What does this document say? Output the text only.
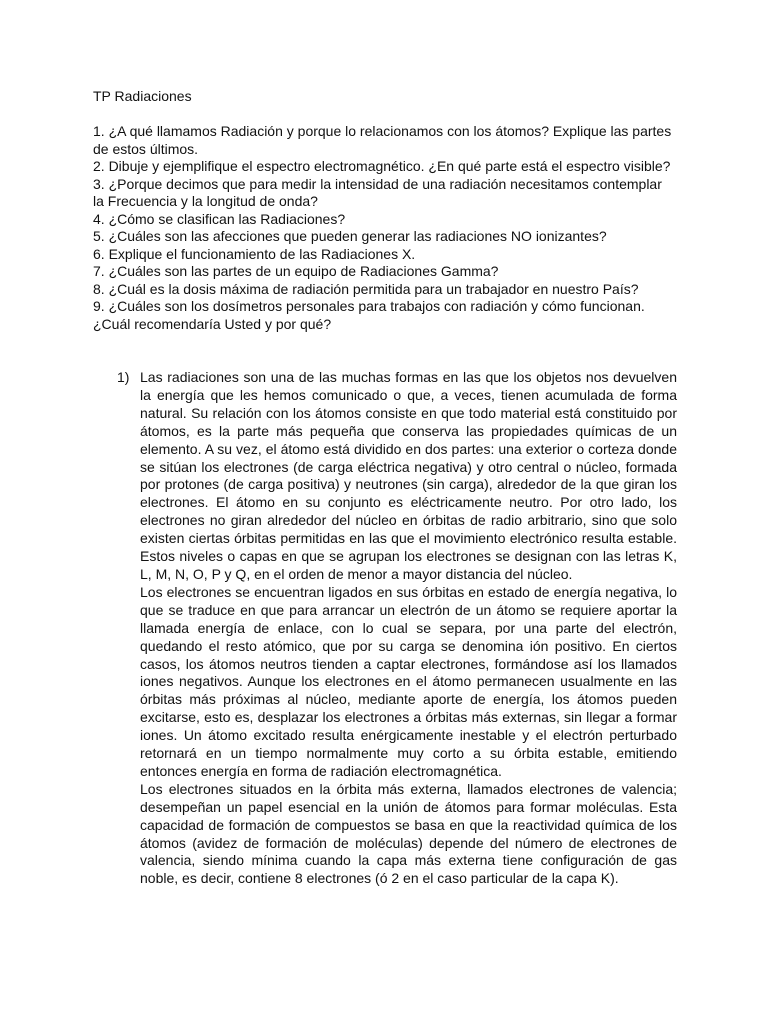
TP Radiaciones

1. ¿A qué llamamos Radiación y porque lo relacionamos con los átomos? Explique las partes de estos últimos.

2. Dibuje y ejemplifique el espectro electromagnético. ¿En qué parte está el espectro visible?

3. ¿Porque decimos que para medir la intensidad de una radiación necesitamos contemplar la Frecuencia y la longitud de onda?

4. ¿Cómo se clasifican las Radiaciones?

5. ¿Cuáles son las afecciones que pueden generar las radiaciones NO ionizantes?

6. Explique el funcionamiento de las Radiaciones X.

7. ¿Cuáles son las partes de un equipo de Radiaciones Gamma?

8. ¿Cuál es la dosis máxima de radiación permitida para un trabajador en nuestro País?

9. ¿Cuáles son los dosímetros personales para trabajos con radiación y cómo funcionan. ¿Cuál recomendaría Usted y por qué?

1) Las radiaciones son una de las muchas formas en las que los objetos nos devuelven la energía que les hemos comunicado o que, a veces, tienen acumulada de forma natural. Su relación con los átomos consiste en que todo material está constituido por átomos, es la parte más pequeña que conserva las propiedades químicas de un elemento. A su vez, el átomo está dividido en dos partes: una exterior o corteza donde se sitúan los electrones (de carga eléctrica negativa) y otro central o núcleo, formada por protones (de carga positiva) y neutrones (sin carga), alrededor de la que giran los electrones. El átomo en su conjunto es eléctricamente neutro. Por otro lado, los electrones no giran alrededor del núcleo en órbitas de radio arbitrario, sino que solo existen ciertas órbitas permitidas en las que el movimiento electrónico resulta estable. Estos niveles o capas en que se agrupan los electrones se designan con las letras K, L, M, N, O, P y Q, en el orden de menor a mayor distancia del núcleo.

Los electrones se encuentran ligados en sus órbitas en estado de energía negativa, lo que se traduce en que para arrancar un electrón de un átomo se requiere aportar la llamada energía de enlace, con lo cual se separa, por una parte del electrón, quedando el resto atómico, que por su carga se denomina ión positivo. En ciertos casos, los átomos neutros tienden a captar electrones, formándose así los llamados iones negativos. Aunque los electrones en el átomo permanecen usualmente en las órbitas más próximas al núcleo, mediante aporte de energía, los átomos pueden excitarse, esto es, desplazar los electrones a órbitas más externas, sin llegar a formar iones. Un átomo excitado resulta enérgicamente inestable y el electrón perturbado retornará en un tiempo normalmente muy corto a su órbita estable, emitiendo entonces energía en forma de radiación electromagnética.

Los electrones situados en la órbita más externa, llamados electrones de valencia; desempeñan un papel esencial en la unión de átomos para formar moléculas. Esta capacidad de formación de compuestos se basa en que la reactividad química de los átomos (avidez de formación de moléculas) depende del número de electrones de valencia, siendo mínima cuando la capa más externa tiene configuración de gas noble, es decir, contiene 8 electrones (ó 2 en el caso particular de la capa K).
